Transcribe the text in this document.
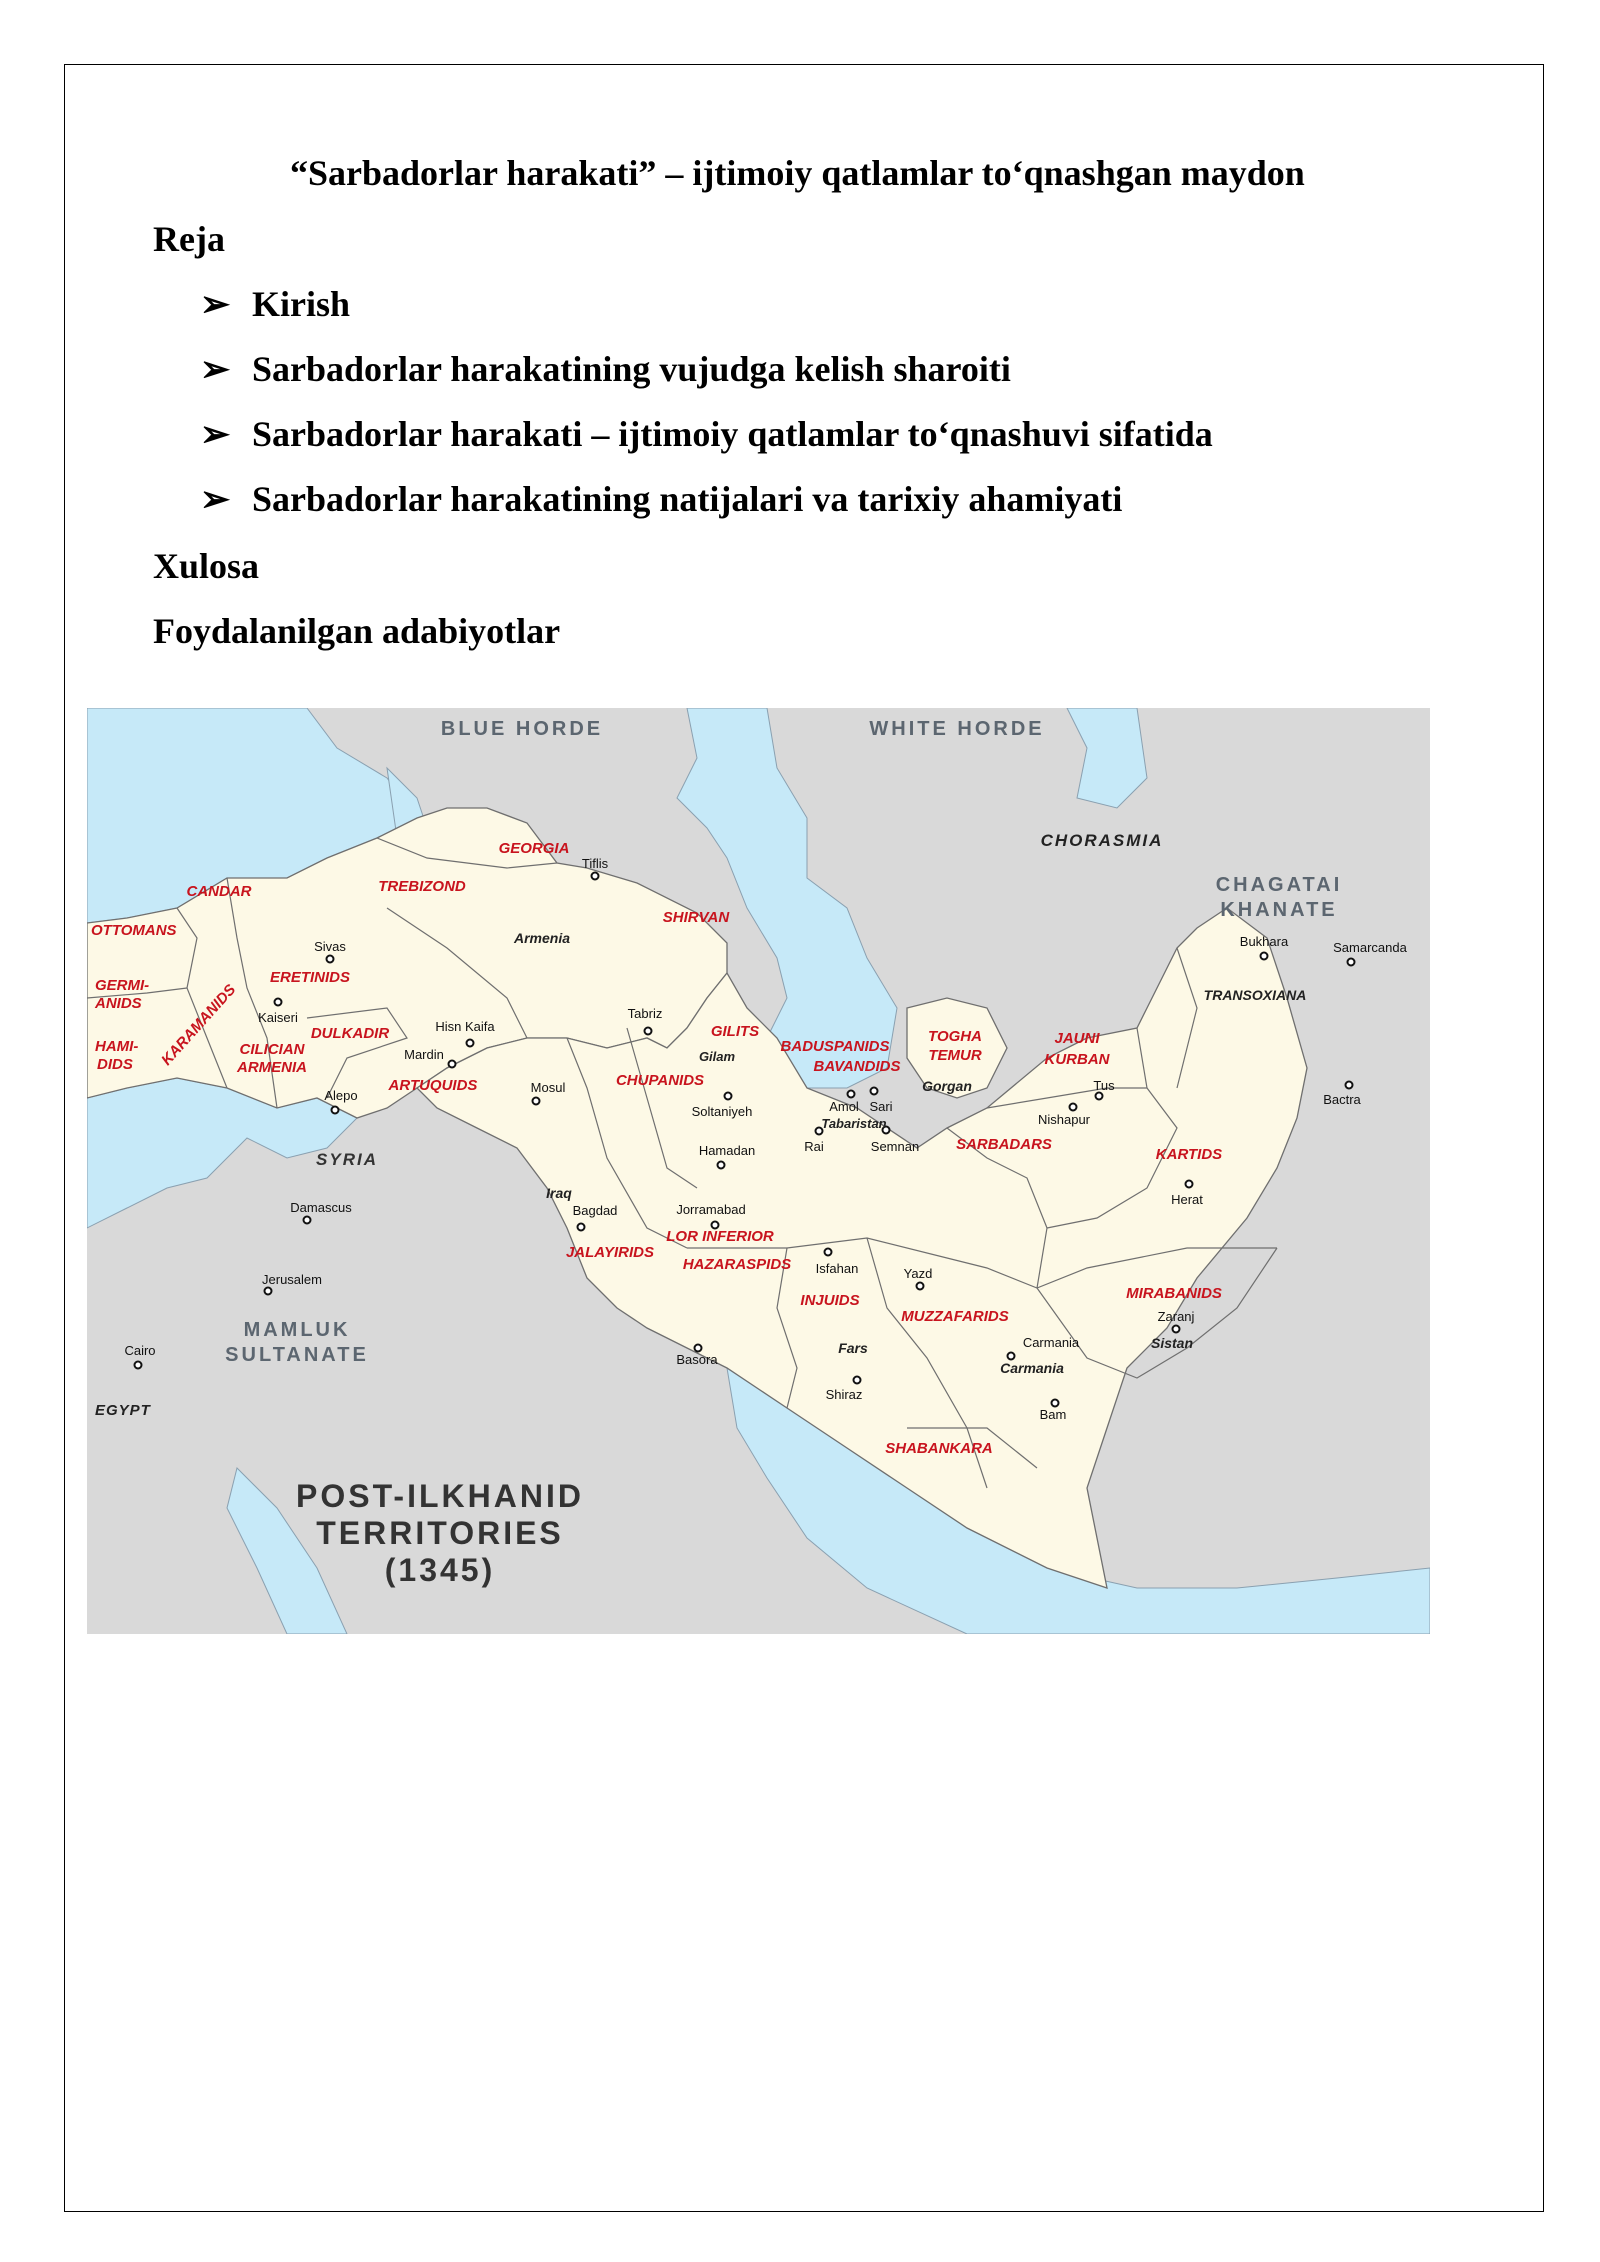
“Sarbadorlar harakati” – ijtimoiy qatlamlar to‘qnashgan maydon
Reja
➢ Kirish
➢ Sarbadorlar harakatining vujudga kelish sharoiti
➢ Sarbadorlar harakati – ijtimoiy qatlamlar to‘qnashuvi sifatida
➢ Sarbadorlar harakatining natijalari va tarixiy ahamiyati
Xulosa
Foydalanilgan adabiyotlar
BLUE HORDE	WHITE HORDE
CHORASMIA
CHAGATAI
KHANATE
SYRIA
MAMLUK
SULTANATE
EGYPT
TRANSOXIANA
CANDAR
OTTOMANS
GERMI-
ANIDS
HAMI-
DIDS KARAMANIDS
ERETINIDS
TREBIZOND
GEORGIA
SHIRVAN
DULKADIR
CILICIAN
ARMENIA
ARTUQUIDS
GILITS
CHUPANIDS
BADUSPANIDS
BAVANDIDS
TOGHA
TEMUR
JAUNI
KURBAN
SARBADARS
KARTIDS
LOR INFERIOR
HAZARASPIDS
JALAYIRIDS
INJUIDS
MUZZAFARIDS
MIRABANIDS
SHABANKARA
Tiflis
Sivas
Kaiseri
Hisn Kaifa
Mardin
Alepo
Damascus
Jerusalem
Cairo
Mosul
Tabriz
Soltaniyeh
Hamadan
Bagdad	Jorramabad
Basora
Isfahan
Shiraz
Yazd
Carmania
Bam
Rai
Amol Sari
Semnan
Nishapur
Tus
Herat
Zaranj
Bukhara	Samarcanda
Bactra
Armenia
Iraq
Gilam
Tabaristan
Gorgan
Fars
Carmania
Sistan
POST-ILKHANID
TERRITORIES
(1345)
